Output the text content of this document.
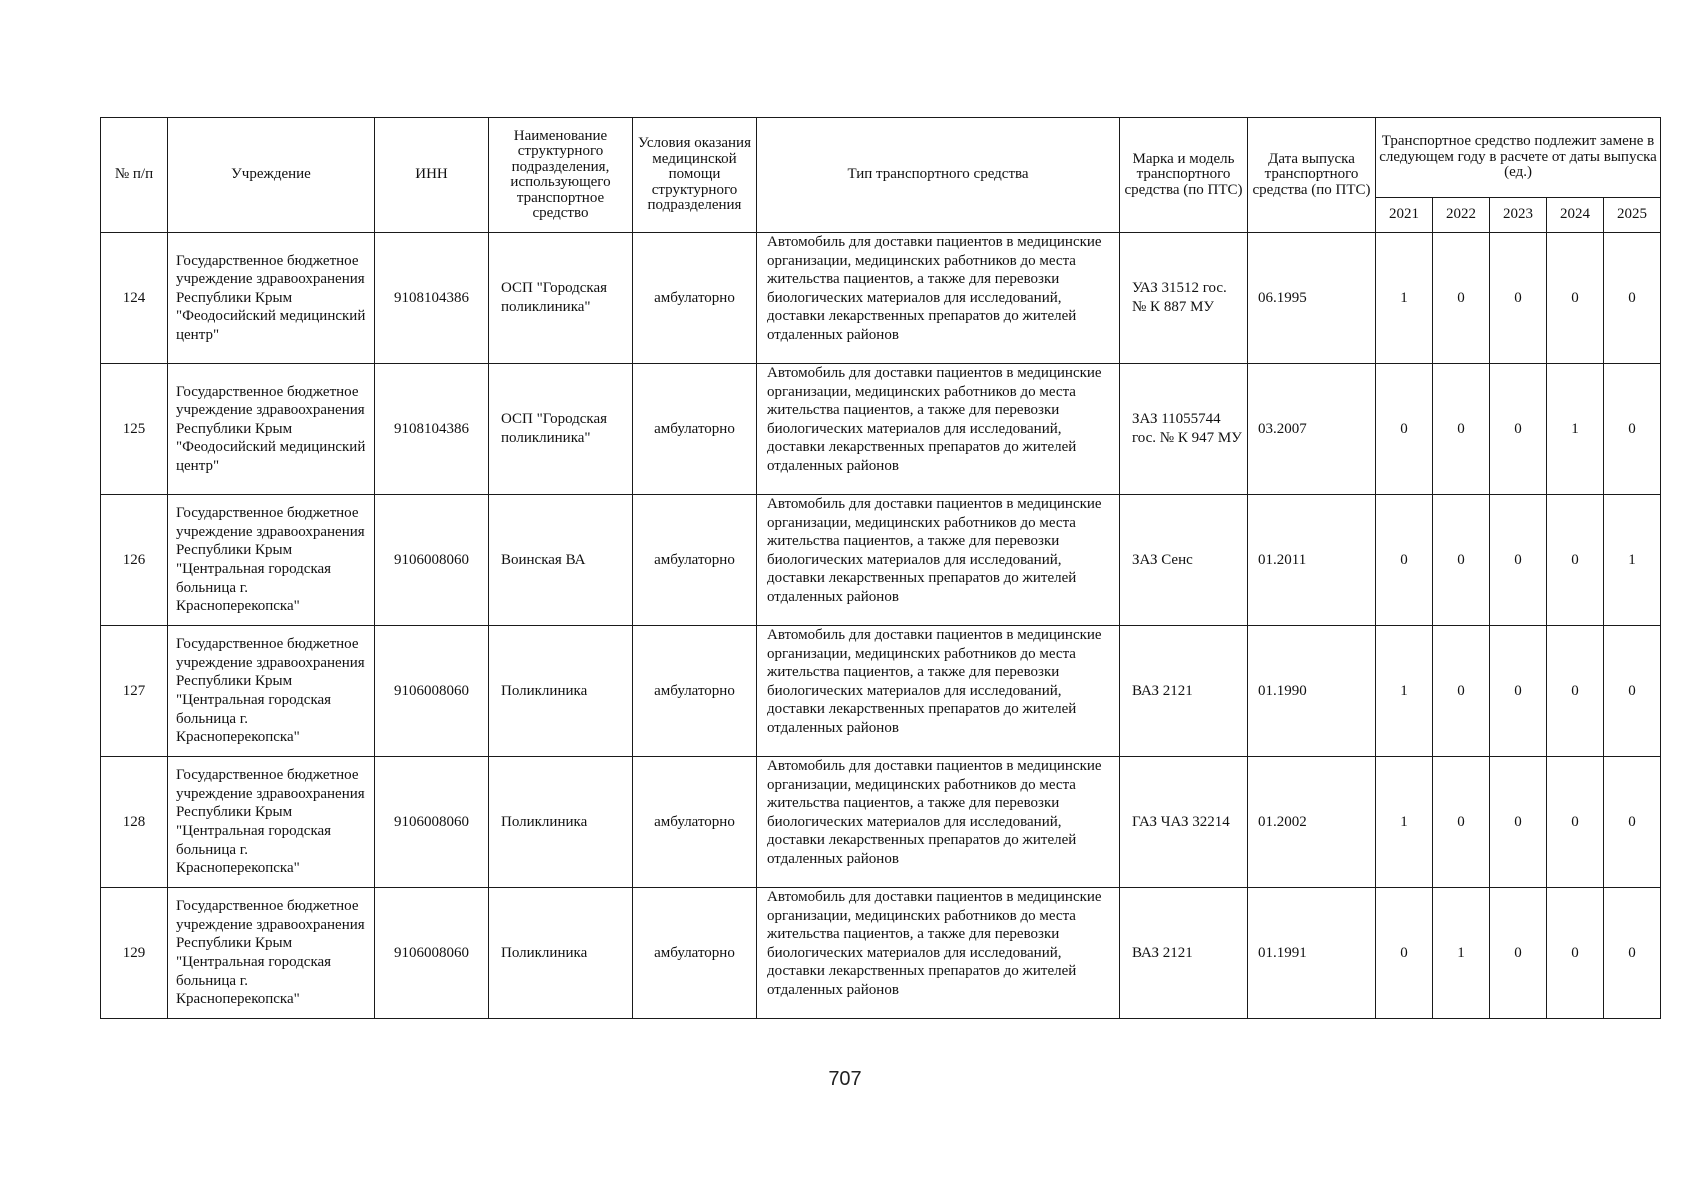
№ п/п	Учреждение	ИНН	Наименование структурного подразделения, использующего транспортное средство	Условия оказания медицинской помощи структурного подразделения	Тип транспортного средства	Марка и модель транспортного средства (по ПТС)	Дата выпуска транспортного средства (по ПТС)	Транспортное средство подлежит замене в следующем году в расчете от даты выпуска (ед.)				
								2021	2022	2023	2024	2025
124	Государственное бюджетное учреждение здравоохранения Республики Крым "Феодосийский медицинский центр"	9108104386	ОСП "Городская поликлиника"	амбулаторно	Автомобиль для доставки пациентов в медицинские организации, медицинских работников до места жительства пациентов, а также для перевозки биологических материалов для исследований, доставки лекарственных препаратов до жителей отдаленных районов	УАЗ 31512 гос. № К 887 МУ	06.1995	1	0	0	0	0
125	Государственное бюджетное учреждение здравоохранения Республики Крым "Феодосийский медицинский центр"	9108104386	ОСП "Городская поликлиника"	амбулаторно	Автомобиль для доставки пациентов в медицинские организации, медицинских работников до места жительства пациентов, а также для перевозки биологических материалов для исследований, доставки лекарственных препаратов до жителей отдаленных районов	ЗАЗ 11055744 гос. № К 947 МУ	03.2007	0	0	0	1	0
126	Государственное бюджетное учреждение здравоохранения Республики Крым "Центральная городская больница г. Красноперекопска"	9106008060	Воинская ВА	амбулаторно	Автомобиль для доставки пациентов в медицинские организации, медицинских работников до места жительства пациентов, а также для перевозки биологических материалов для исследований, доставки лекарственных препаратов до жителей отдаленных районов	ЗАЗ Сенс	01.2011	0	0	0	0	1
127	Государственное бюджетное учреждение здравоохранения Республики Крым "Центральная городская больница г. Красноперекопска"	9106008060	Поликлиника	амбулаторно	Автомобиль для доставки пациентов в медицинские организации, медицинских работников до места жительства пациентов, а также для перевозки биологических материалов для исследований, доставки лекарственных препаратов до жителей отдаленных районов	ВАЗ 2121	01.1990	1	0	0	0	0
128	Государственное бюджетное учреждение здравоохранения Республики Крым "Центральная городская больница г. Красноперекопска"	9106008060	Поликлиника	амбулаторно	Автомобиль для доставки пациентов в медицинские организации, медицинских работников до места жительства пациентов, а также для перевозки биологических материалов для исследований, доставки лекарственных препаратов до жителей отдаленных районов	ГАЗ ЧАЗ 32214	01.2002	1	0	0	0	0
129	Государственное бюджетное учреждение здравоохранения Республики Крым "Центральная городская больница г. Красноперекопска"	9106008060	Поликлиника	амбулаторно	Автомобиль для доставки пациентов в медицинские организации, медицинских работников до места жительства пациентов, а также для перевозки биологических материалов для исследований, доставки лекарственных препаратов до жителей отдаленных районов	ВАЗ 2121	01.1991	0	1	0	0	0
707
